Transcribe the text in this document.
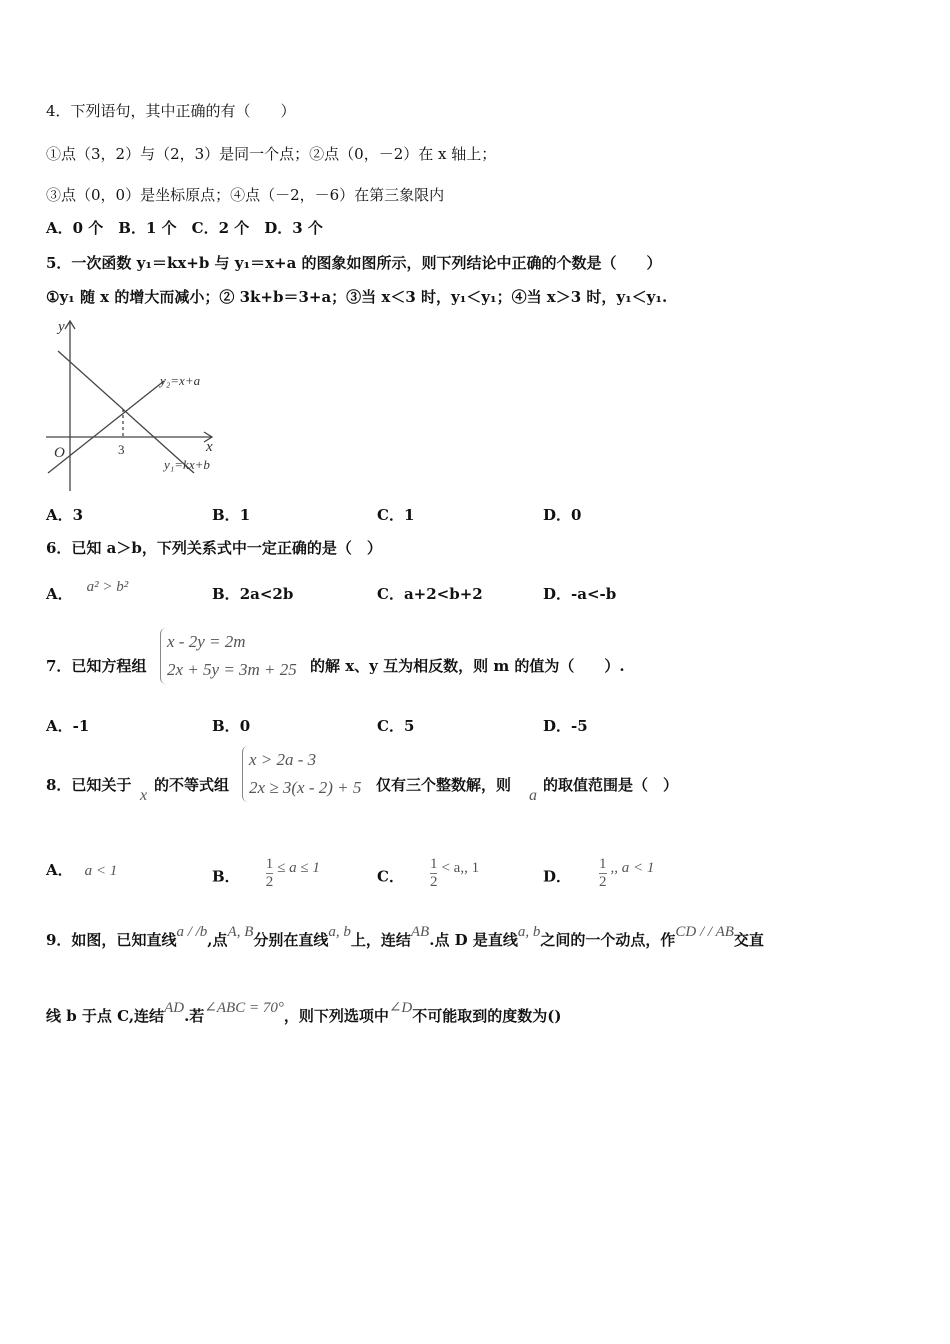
4．下列语句，其中正确的有（　　）
①点（3，2）与（2，3）是同一个点；②点（0，－2）在 x 轴上；
③点（0，0）是坐标原点；④点（－2，－6）在第三象限内
A．0 个　B．1 个　C．2 个　D．3 个
5．一次函数 y₁＝kx+b 与 y₁＝x+a 的图象如图所示，则下列结论中正确的个数是（　　）
①y₁ 随 x 的增大而减小；② 3k+b＝3+a；③当 x＜3 时，y₁＜y₁；④当 x＞3 时，y₁＜y₁.
y
x
O	3
y₂=x+a
y₁=kx+b
A．3	B．1	C．1	D．0
6．已知 a＞b，下列关系式中一定正确的是（　）
A． a² > b²	B．2a<2b	C．a+2<b+2	D．-a<-b
7．已知方程组
x - 2y = 2m
2x + 5y = 3m + 25 的解 x、y 互为相反数，则 m 的值为（　　）.
A．-1	B．0	C．5	D．-5
8．已知关于
x
的不等式组
x > 2a - 3
2x ≥ 3(x - 2) + 5 仅有三个整数解，则
a
的取值范围是（　）
A． a < 1	B． $\frac{1}{2} \le a \le 1$	C． $\frac{1}{2} < a$,, 1	D． $\frac{1}{2}$ ,, a < 1
9．如图，已知直线a / /b,点A, B分别在直线a, b上，连结AB.点 D 是直线a, b之间的一个动点，作CD / / AB交直
线 b 于点 C,连结AD.若∠ABC = 70°，则下列选项中∠D不可能取到的度数为()
